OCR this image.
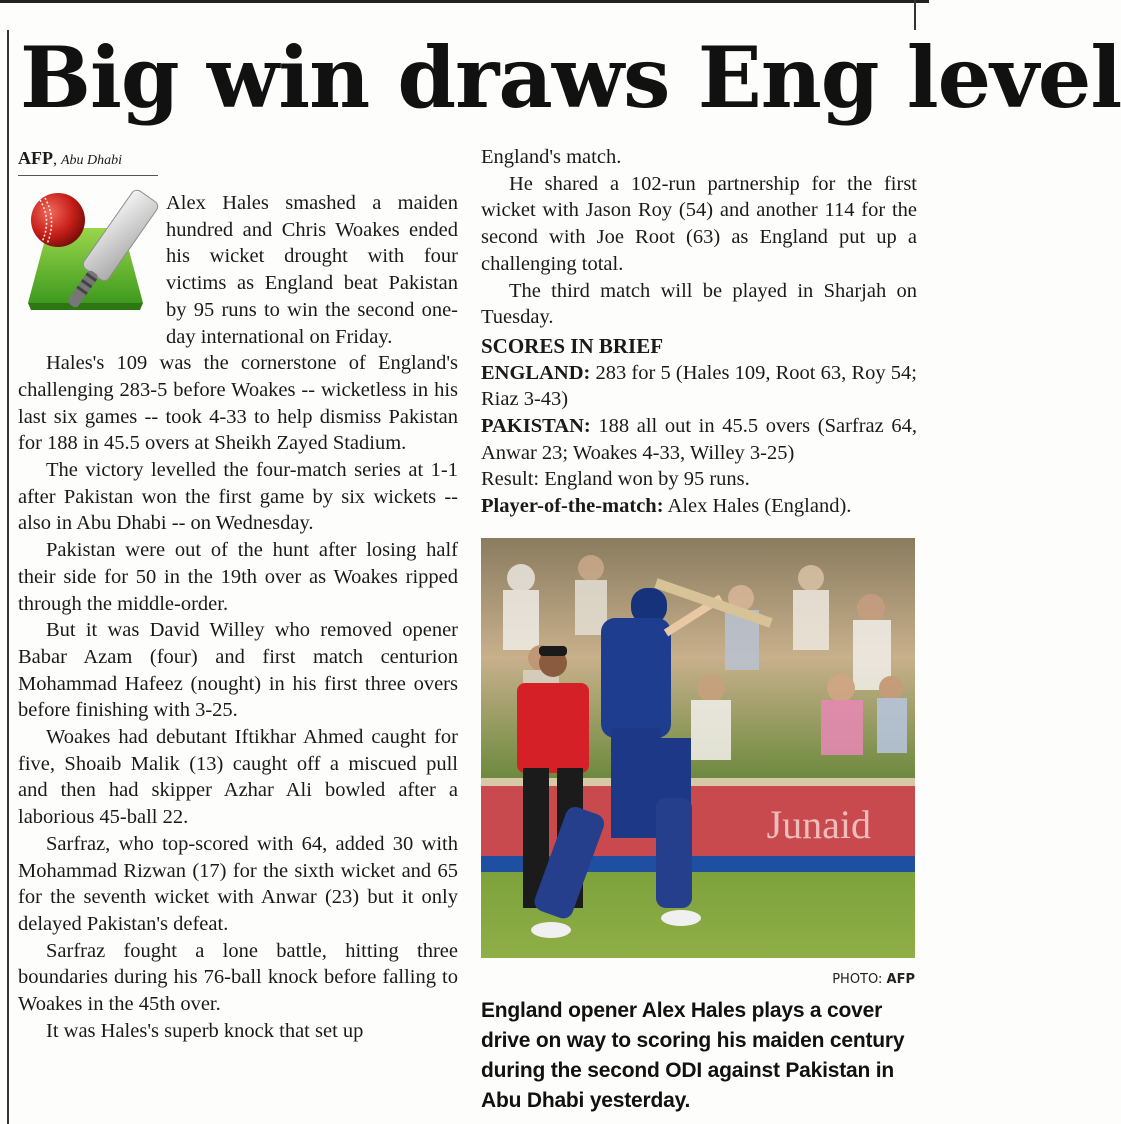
Big win draws Eng level
AFP, Abu Dhabi

Alex Hales smashed a maiden hundred and Chris Woakes ended his wicket drought with four victims as England beat Pakistan by 95 runs to win the second one-day international on Friday.

Hales's 109 was the cornerstone of England's challenging 283-5 before Woakes -- wicketless in his last six games -- took 4-33 to help dismiss Pakistan for 188 in 45.5 overs at Sheikh Zayed Stadium.

The victory levelled the four-match series at 1-1 after Pakistan won the first game by six wickets -- also in Abu Dhabi -- on Wednesday.

Pakistan were out of the hunt after losing half their side for 50 in the 19th over as Woakes ripped through the middle-order.

But it was David Willey who removed opener Babar Azam (four) and first match centurion Mohammad Hafeez (nought) in his first three overs before finishing with 3-25.

Woakes had debutant Iftikhar Ahmed caught for five, Shoaib Malik (13) caught off a miscued pull and then had skipper Azhar Ali bowled after a laborious 45-ball 22.

Sarfraz, who top-scored with 64, added 30 with Mohammad Rizwan (17) for the sixth wicket and 65 for the seventh wicket with Anwar (23) but it only delayed Pakistan's defeat.

Sarfraz fought a lone battle, hitting three boundaries during his 76-ball knock before falling to Woakes in the 45th over.

It was Hales's superb knock that set up

England's match.

He shared a 102-run partnership for the first wicket with Jason Roy (54) and another 114 for the second with Joe Root (63) as England put up a challenging total.

The third match will be played in Sharjah on Tuesday.

SCORES IN BRIEF

ENGLAND: 283 for 5 (Hales 109, Root 63, Roy 54; Riaz 3-43)

PAKISTAN: 188 all out in 45.5 overs (Sarfraz 64, Anwar 23; Woakes 4-33, Willey 3-25)

Result: England won by 95 runs.

Player-of-the-match: Alex Hales (England).

Junaid
PHOTO: AFP
England opener Alex Hales plays a cover drive on way to scoring his maiden century during the second ODI against Pakistan in Abu Dhabi yesterday.
